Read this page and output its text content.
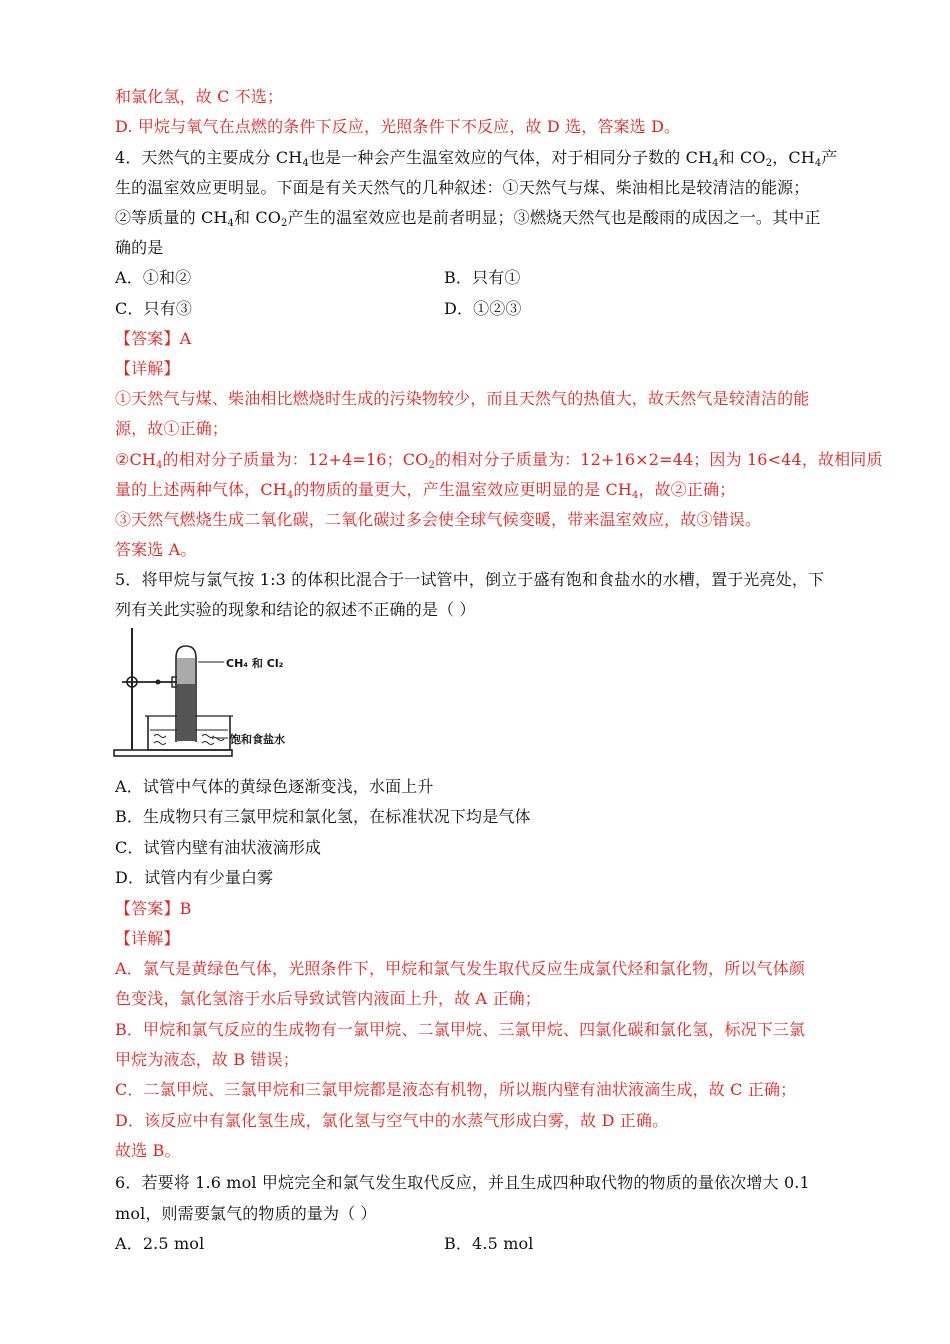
和氯化氢，故 C 不选；
D. 甲烷与氧气在点燃的条件下反应，光照条件下不反应，故 D 选，答案选 D。
4．天然气的主要成分 $CH_4$也是一种会产生温室效应的气体，对于相同分子数的 $CH_4$和 $CO_2$，$CH_4$产
生的温室效应更明显。下面是有关天然气的几种叙述：①天然气与煤、柴油相比是较清洁的能源；
②等质量的 $CH_4$和 $CO_2$产生的温室效应也是前者明显；③燃烧天然气也是酸雨的成因之一。其中正
确的是
A．①和②	B．只有①
C．只有③	D．①②③
【答案】A
【详解】
①天然气与煤、柴油相比燃烧时生成的污染物较少，而且天然气的热值大，故天然气是较清洁的能
源，故①正确；
$②CH_4$的相对分子质量为：12+4=16；$CO_2$的相对分子质量为：12+16×2=44；因为 16<44，故相同质
量的上述两种气体，$CH_4$的物质的量更大，产生温室效应更明显的是 $CH_4$，故②正确；
③天然气燃烧生成二氧化碳，二氧化碳过多会使全球气候变暖，带来温室效应，故③错误。
答案选 A。
5．将甲烷与氯气按 1:3 的体积比混合于一试管中，倒立于盛有饱和食盐水的水槽，置于光亮处，下
列有关此实验的现象和结论的叙述不正确的是（ ）
CH₄ 和 Cl₂
饱和食盐水
A．试管中气体的黄绿色逐渐变浅，水面上升
B．生成物只有三氯甲烷和氯化氢，在标准状况下均是气体
C．试管内壁有油状液滴形成
D．试管内有少量白雾
【答案】B
【详解】
A．氯气是黄绿色气体，光照条件下，甲烷和氯气发生取代反应生成氯代烃和氯化物，所以气体颜
色变浅，氯化氢溶于水后导致试管内液面上升，故 A 正确；
B．甲烷和氯气反应的生成物有一氯甲烷、二氯甲烷、三氯甲烷、四氯化碳和氯化氢，标况下三氯
甲烷为液态，故 B 错误；
C．二氯甲烷、三氯甲烷和三氯甲烷都是液态有机物，所以瓶内壁有油状液滴生成，故 C 正确；
D．该反应中有氯化氢生成，氯化氢与空气中的水蒸气形成白雾，故 D 正确。
故选 B。
6．若要将 1.6 mol 甲烷完全和氯气发生取代反应，并且生成四种取代物的物质的量依次增大 0.1
mol，则需要氯气的物质的量为（ ）
A．2.5 mol	B．4.5 mol
